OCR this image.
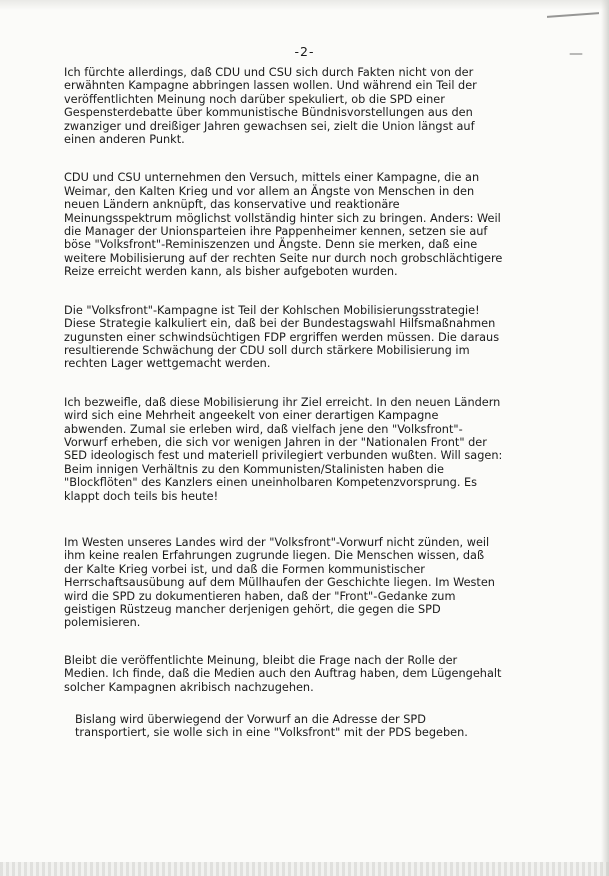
—
-2-

Ich fürchte allerdings, daß CDU und CSU sich durch Fakten nicht von der erwähnten Kampagne abbringen lassen wollen. Und während ein Teil der veröffentlichten Meinung noch darüber spekuliert, ob die SPD einer Gespensterdebatte über kommunistische Bündnisvorstellungen aus den zwanziger und dreißiger Jahren gewachsen sei, zielt die Union längst auf einen anderen Punkt.

CDU und CSU unternehmen den Versuch, mittels einer Kampagne, die an Weimar, den Kalten Krieg und vor allem an Ängste von Menschen in den neuen Ländern anknüpft, das konservative und reaktionäre Meinungsspektrum möglichst vollständig hinter sich zu bringen. Anders: Weil die Manager der Unionsparteien ihre Pappenheimer kennen, setzen sie auf böse "Volksfront"-Reminiszenzen und Ängste. Denn sie merken, daß eine weitere Mobilisierung auf der rechten Seite nur durch noch grobschlächtigere Reize erreicht werden kann, als bisher aufgeboten wurden.

Die "Volksfront"-Kampagne ist Teil der Kohlschen Mobilisierungsstrategie! Diese Strategie kalkuliert ein, daß bei der Bundestagswahl Hilfsmaßnahmen zugunsten einer schwindsüchtigen FDP ergriffen werden müssen. Die daraus resultierende Schwächung der CDU soll durch stärkere Mobilisierung im rechten Lager wettgemacht werden.

Ich bezweifle, daß diese Mobilisierung ihr Ziel erreicht. In den neuen Ländern wird sich eine Mehrheit angeekelt von einer derartigen Kampagne abwenden. Zumal sie erleben wird, daß vielfach jene den "Volksfront"-Vorwurf erheben, die sich vor wenigen Jahren in der "Nationalen Front" der SED ideologisch fest und materiell privilegiert verbunden wußten. Will sagen: Beim innigen Verhältnis zu den Kommunisten/Stalinisten haben die "Blockflöten" des Kanzlers einen uneinholbaren Kompetenzvorsprung. Es klappt doch teils bis heute!

Im Westen unseres Landes wird der "Volksfront"-Vorwurf nicht zünden, weil ihm keine realen Erfahrungen zugrunde liegen. Die Menschen wissen, daß der Kalte Krieg vorbei ist, und daß die Formen kommunistischer Herrschaftsausübung auf dem Müllhaufen der Geschichte liegen. Im Westen wird die SPD zu dokumentieren haben, daß der "Front"-Gedanke zum geistigen Rüstzeug mancher derjenigen gehört, die gegen die SPD polemisieren.

Bleibt die veröffentlichte Meinung, bleibt die Frage nach der Rolle der Medien. Ich finde, daß die Medien auch den Auftrag haben, dem Lügengehalt solcher Kampagnen akribisch nachzugehen.

Bislang wird überwiegend der Vorwurf an die Adresse der SPD transportiert, sie wolle sich in eine "Volksfront" mit der PDS begeben.
